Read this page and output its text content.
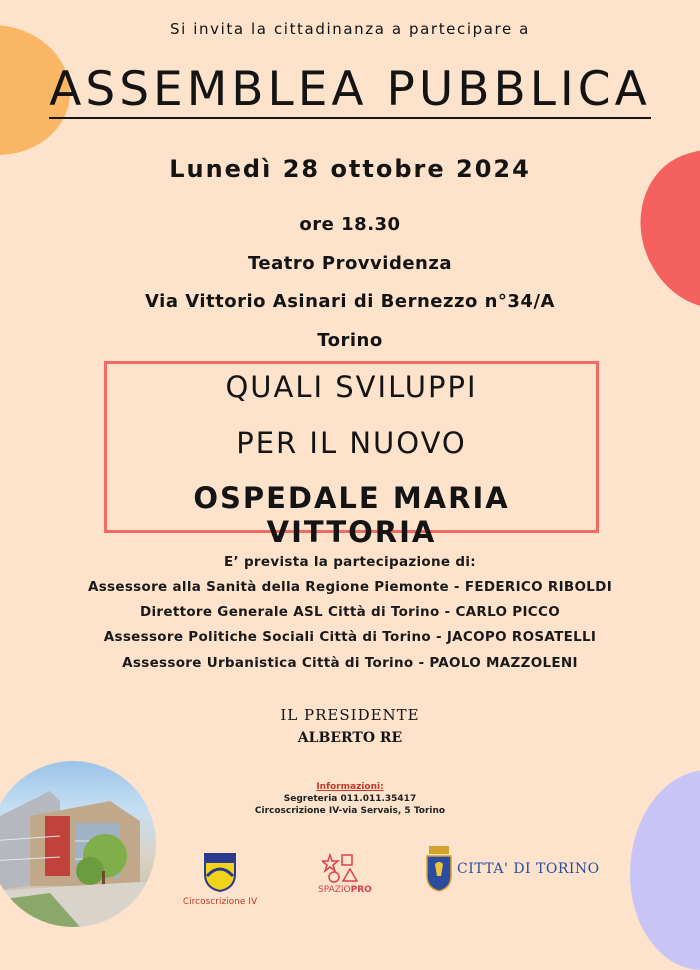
Si invita la cittadinanza a partecipare a
ASSEMBLEA PUBBLICA
Lunedì 28 ottobre 2024
ore 18.30
Teatro Provvidenza
Via Vittorio Asinari di Bernezzo n°34/A
Torino
QUALI SVILUPPI
PER IL NUOVO
OSPEDALE MARIA VITTORIA
E’ prevista la partecipazione di:
Assessore alla Sanità della Regione Piemonte - FEDERICO RIBOLDI
Direttore Generale ASL Città di Torino - CARLO PICCO
Assessore Politiche Sociali Città di Torino - JACOPO ROSATELLI
Assessore Urbanistica Città di Torino - PAOLO MAZZOLENI
IL PRESIDENTE
ALBERTO RE
Informazioni:
Segreteria 011.011.35417
Circoscrizione IV-via Servais, 5 Torino
Circoscrizione IV
SPAZIOPRO
CITTA' DI TORINO
